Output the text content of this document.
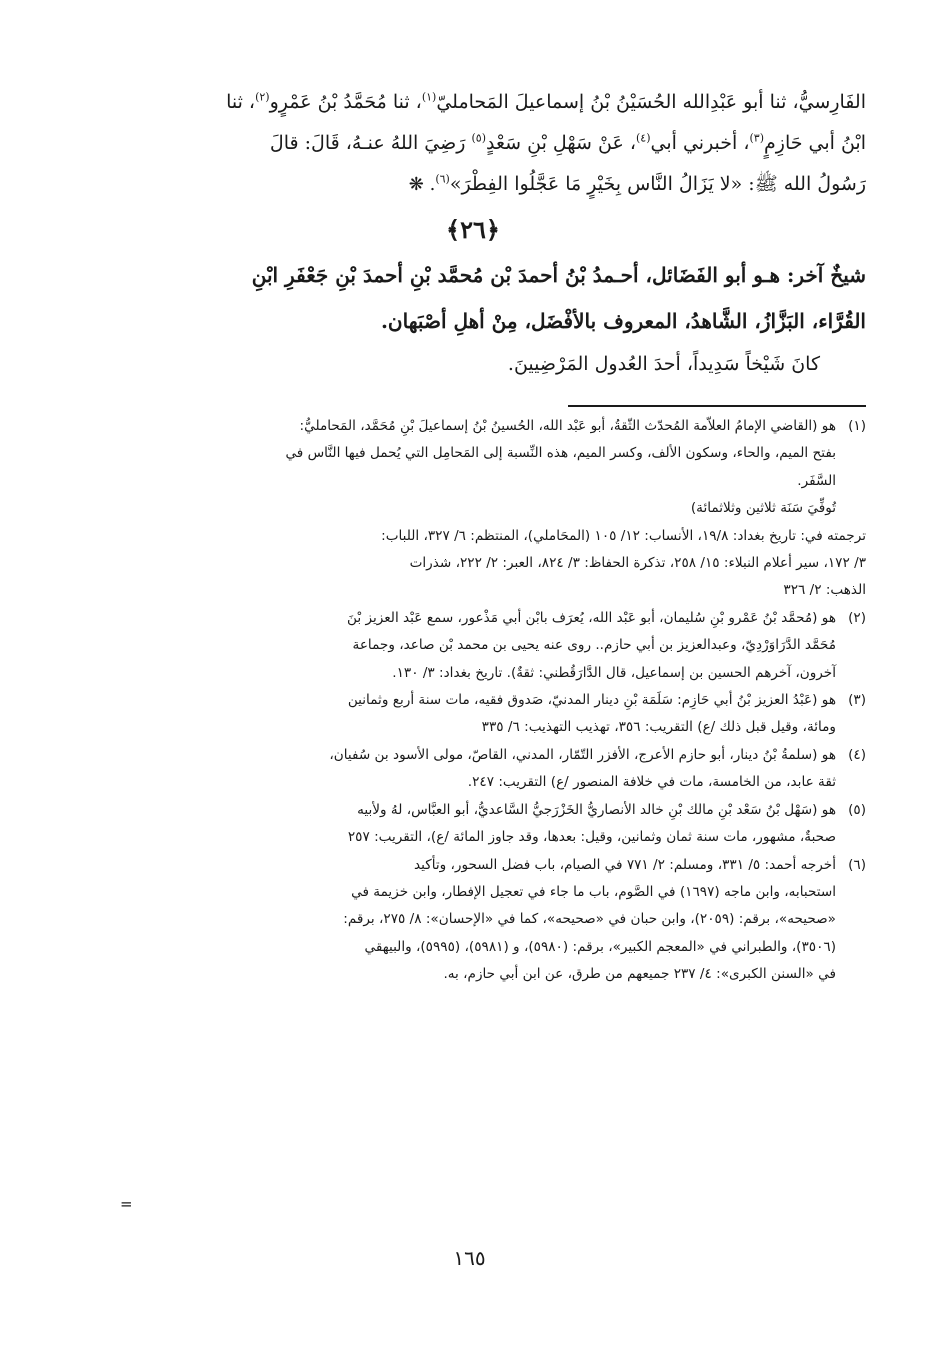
الفَارِسيُّ، ثنا أبو عَبْدِالله الحُسَيْنُ بْنُ إسماعيلَ المَحامليّ$^{(١)}$، ثنا مُحَمَّدُ بْنُ عَمْرٍو$^{(٢)}$، ثنا
ابْنُ أبي حَازِمٍ$^{(٣)}$، أخبرني أبي$^{(٤)}$، عَنْ سَهْلِ بْنِ سَعْدٍ$^{(٥)}$ رَضِيَ اللهُ عنـهُ، قَالَ: قالَ
رَسُولُ الله ﷺ: «لا يَزَالُ النَّاس بِخَيْرٍ مَا عَجَّلُوا الفِطْرَ»$^{(٦)}$. ❋

﴿٢٦﴾

شيخٌ آخر: هـو أبو الفَضَائل، أحـمدُ بْنُ أحمدَ بْن مُحمَّد بْنِ أحمدَ بْنِ جَعْفَرِ ابْنِ
القُرَّاء، البَزَّازُ، الشَّاهدُ، المعروف بالأفْضَل، مِنْ أهلِ أصْبَهان.

كانَ شَيْخاً سَدِيداً، أحدَ العُدول المَرْضِيينَ.

(١)
هو (القاضي الإمامُ العلاّمة المُحدّث الثّقةُ، أبو عَبْد الله، الحُسينُ بْنُ إسماعيلَ بْنِ مُحَمَّد، المَحامليُّ:
بفتح الميم، والحاء، وسكون الألف، وكسر الميم، هذه النِّسبة إلى المَحامِل التي يُحمل فيها النَّاس في
السَّفَر.
تُوفِّيَ سَنَة ثلاثين وثلاثمائة)
ترجمته في: تاريخ بغداد: ١٩/٨، الأنساب: ١٢/ ١٠٥ (المحَاملي)، المنتظم: ٦/ ٣٢٧، اللباب:
٣/ ١٧٢، سير أعلام النبلاء: ١٥/ ٢٥٨، تذكرة الحفاظ: ٣/ ٨٢٤، العبر: ٢/ ٢٢٢، شذرات
الذهب: ٢/ ٣٢٦
(٢)
هو (مُحمَّد بْنُ عَمْرو بْنِ سُليمان، أبو عَبْد الله، يُعرَف بابْن أبي مَذْعور، سمع عَبْد العزيز بْنَ
مُحَمَّد الدَّرَاوَرْدِيّ، وعبدالعزيز بن أبي حازم.. روى عنه يحيى بن محمد بْن صاعد، وجماعة
آخرون، آخرهم الحسين بن إسماعيل، قال الدَّارَقُطني: ثقةٌ). تاريخ بغداد: ٣/ ١٣٠.
(٣)
هو (عَبْدُ العزيز بْنُ أبي حَازِم: سَلَمَة بْنِ دينار المدنيّ، صَدوق فقيه، مات سنة أربع وثمانين
ومائة، وقيل قبل ذلك /ع) التقريب: ٣٥٦، تهذيب التهذيب: ٦/ ٣٣٥
(٤)
هو (سلمةُ بْنُ دينار، أبو حازم الأعرج، الأفزر التّمّار، المدني، القاصّ، مولى الأسود بن سُفيان،
ثقة عابد، من الخامسة، مات في خلافة المنصور /ع) التقريب: ٢٤٧.
(٥)
هو (سَهْل بْنُ سَعْد بْنِ مالك بْنِ خالد الأنصاريُّ الخَزْرَجيُّ السَّاعديُّ، أبو العبَّاس، لهُ ولأبيه
صحبةٌ، مشهور، مات سنة ثمان وثمانين، وقيل: بعدها، وقد جاوز المائة /ع)، التقريب: ٢٥٧
(٦)
أخرجه أحمد: ٥/ ٣٣١، ومسلم: ٢/ ٧٧١ في الصيام، باب فضل السحور، وتأكيد
استحبابه، وابن ماجه (١٦٩٧) في الصَّوم، باب ما جاء في تعجيل الإفطار، وابن خزيمة في
«صحيحه»، برقم: (٢٠٥٩)، وابن حبان في «صحيحه»، كما في «الإحسان»: ٨/ ٢٧٥، برقم:
(٣٥٠٦)، والطبراني في «المعجم الكبير»، برقم: (٥٩٨٠)، و (٥٩٨١)، (٥٩٩٥)، والبيهقي
في «السنن الكبرى»: ٤/ ٢٣٧ جميعهم من طرق، عن ابن أبي حازم، به.
=
١٦٥
